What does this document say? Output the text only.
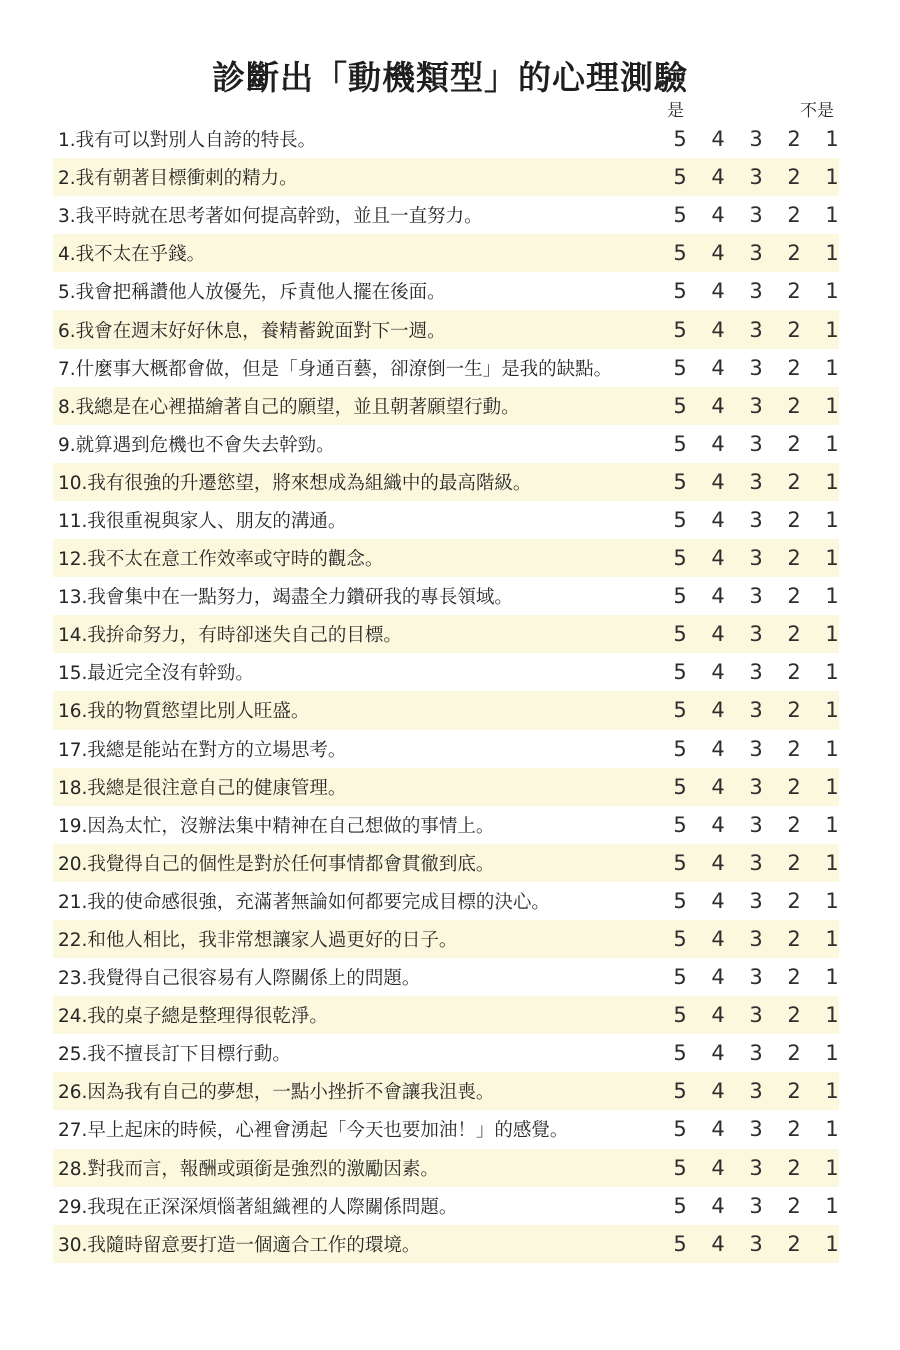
診斷出「動機類型」的心理測驗
是	不是
1.我有可以對別人自誇的特長。	5	4	3	2	1
2.我有朝著目標衝刺的精力。	5	4	3	2	1
3.我平時就在思考著如何提高幹勁，並且一直努力。	5	4	3	2	1
4.我不太在乎錢。	5	4	3	2	1
5.我會把稱讚他人放優先，斥責他人擺在後面。	5	4	3	2	1
6.我會在週末好好休息，養精蓄銳面對下一週。	5	4	3	2	1
7.什麼事大概都會做，但是「身通百藝，卻潦倒一生」是我的缺點。	5	4	3	2	1
8.我總是在心裡描繪著自己的願望，並且朝著願望行動。	5	4	3	2	1
9.就算遇到危機也不會失去幹勁。	5	4	3	2	1
10.我有很強的升遷慾望，將來想成為組織中的最高階級。	5	4	3	2	1
11.我很重視與家人、朋友的溝通。	5	4	3	2	1
12.我不太在意工作效率或守時的觀念。	5	4	3	2	1
13.我會集中在一點努力，竭盡全力鑽研我的專長領域。	5	4	3	2	1
14.我拚命努力，有時卻迷失自己的目標。	5	4	3	2	1
15.最近完全沒有幹勁。	5	4	3	2	1
16.我的物質慾望比別人旺盛。	5	4	3	2	1
17.我總是能站在對方的立場思考。	5	4	3	2	1
18.我總是很注意自己的健康管理。	5	4	3	2	1
19.因為太忙，沒辦法集中精神在自己想做的事情上。	5	4	3	2	1
20.我覺得自己的個性是對於任何事情都會貫徹到底。	5	4	3	2	1
21.我的使命感很強，充滿著無論如何都要完成目標的決心。	5	4	3	2	1
22.和他人相比，我非常想讓家人過更好的日子。	5	4	3	2	1
23.我覺得自己很容易有人際關係上的問題。	5	4	3	2	1
24.我的桌子總是整理得很乾淨。	5	4	3	2	1
25.我不擅長訂下目標行動。	5	4	3	2	1
26.因為我有自己的夢想，一點小挫折不會讓我沮喪。	5	4	3	2	1
27.早上起床的時候，心裡會湧起「今天也要加油！」的感覺。	5	4	3	2	1
28.對我而言，報酬或頭銜是強烈的激勵因素。	5	4	3	2	1
29.我現在正深深煩惱著組織裡的人際關係問題。	5	4	3	2	1
30.我隨時留意要打造一個適合工作的環境。	5	4	3	2	1
